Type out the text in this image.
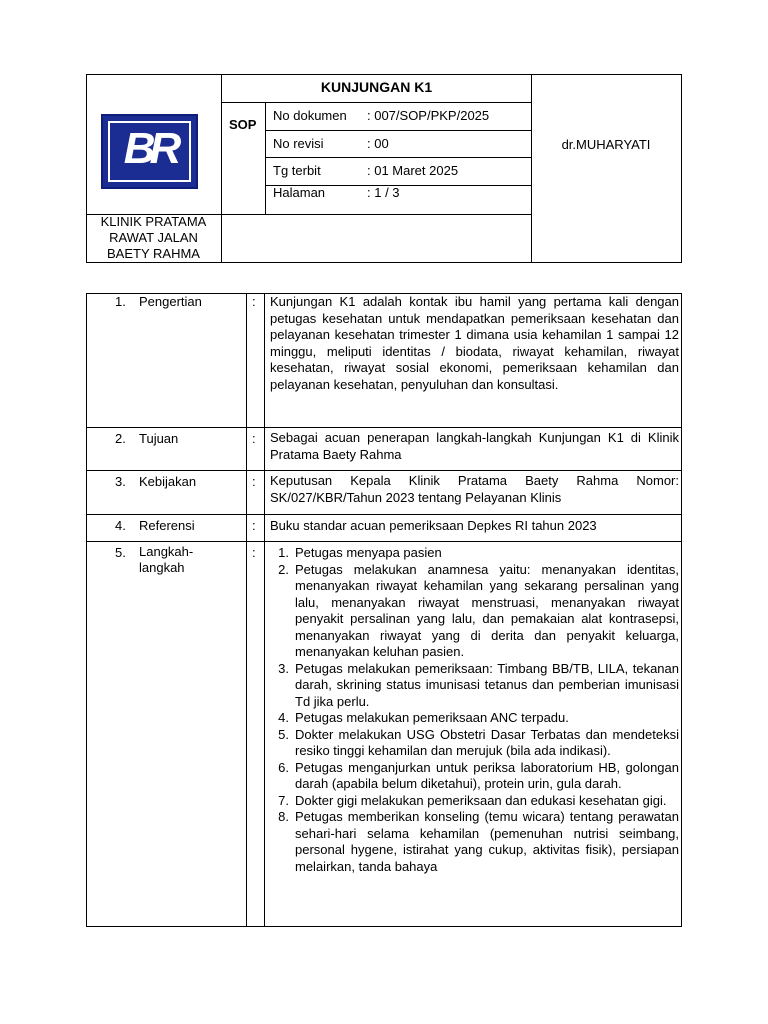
BR
KUNJUNGAN K1
SOP
No dokumen : 007/SOP/PKP/2025
No revisi	: 00
Tg terbit	: 01 Maret 2025
Halaman	: 1 / 3
dr.MUHARYATI
KLINIK PRATAMA
RAWAT JALAN
BAETY RAHMA
1. Pengertian	: Kunjungan K1 adalah kontak ibu hamil yang pertama kali dengan petugas kesehatan untuk mendapatkan pemeriksaan kesehatan dan pelayanan kesehatan trimester 1 dimana usia kehamilan 1 sampai 12 minggu, meliputi identitas / biodata, riwayat kehamilan, riwayat kesehatan, riwayat sosial ekonomi, pemeriksaan kehamilan dan pelayanan kesehatan, penyuluhan dan konsultasi.
2. Tujuan	: Sebagai acuan penerapan langkah-langkah Kunjungan K1 di Klinik Pratama Baety Rahma
3. Kebijakan	: Keputusan Kepala Klinik Pratama Baety Rahma Nomor: SK/027/KBR/Tahun 2023 tentang Pelayanan Klinis
4. Referensi	: Buku standar acuan pemeriksaan Depkes RI tahun 2023
5. Langkah-
langkah
:	1. Petugas menyapa pasien
2. Petugas melakukan anamnesa yaitu: menanyakan identitas, menanyakan riwayat kehamilan yang sekarang persalinan yang lalu, menanyakan riwayat menstruasi, menanyakan riwayat penyakit persalinan yang lalu, dan pemakaian alat kontrasepsi, menanyakan riwayat yang di derita dan penyakit keluarga, menanyakan keluhan pasien.
3. Petugas melakukan pemeriksaan: Timbang BB/TB, LILA, tekanan darah, skrining status imunisasi tetanus dan pemberian imunisasi Td jika perlu.
4. Petugas melakukan pemeriksaan ANC terpadu.
5. Dokter melakukan USG Obstetri Dasar Terbatas dan mendeteksi resiko tinggi kehamilan dan merujuk (bila ada indikasi).
6. Petugas menganjurkan untuk periksa laboratorium HB, golongan darah (apabila belum diketahui), protein urin, gula darah.
7. Dokter gigi melakukan pemeriksaan dan edukasi kesehatan gigi.
8. Petugas memberikan konseling (temu wicara) tentang perawatan sehari-hari selama kehamilan (pemenuhan nutrisi seimbang, personal hygene, istirahat yang cukup, aktivitas fisik), persiapan melairkan, tanda bahaya
